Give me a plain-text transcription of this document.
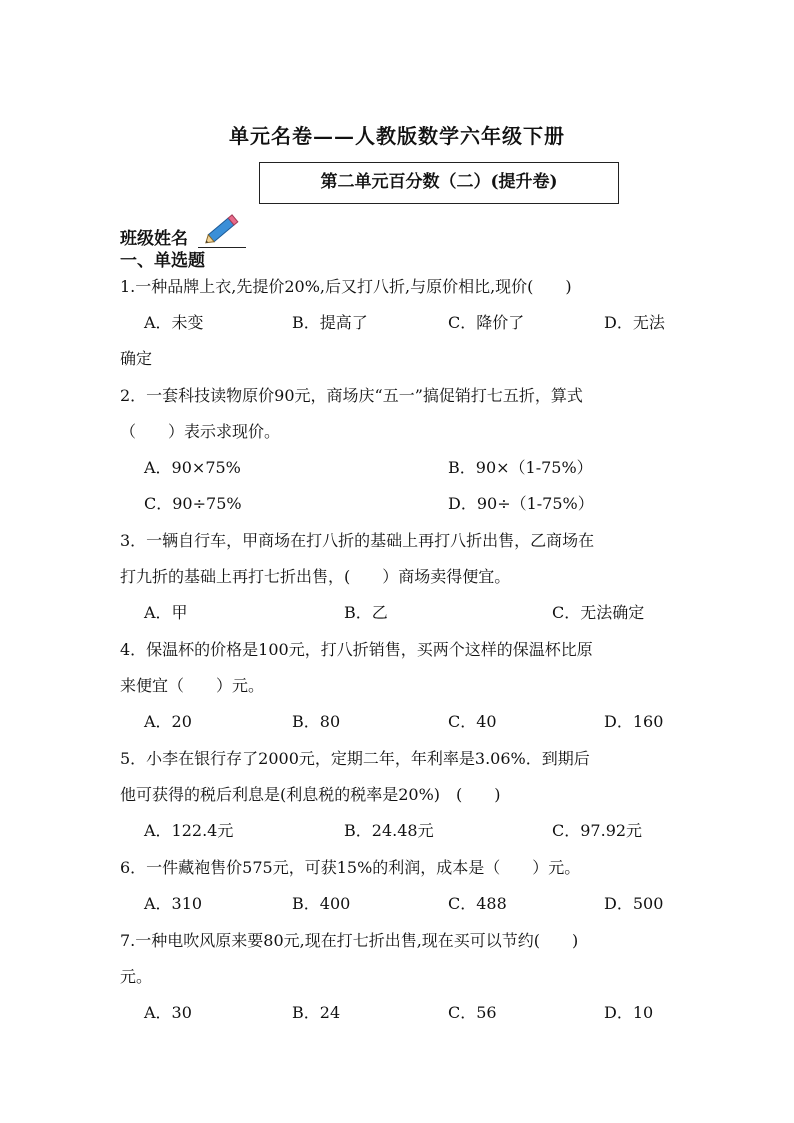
单元名卷——人教版数学六年级下册
第二单元百分数（二）(提升卷)
班级姓名
一、单选题
1.一种品牌上衣,先提价20%,后又打八折,与原价相比,现价(　　)
A．未变	B．提高了	C．降价了	D．无法
确定
2．一套科技读物原价90元，商场庆“五一”搞促销打七五折，算式
（　　）表示求现价。
A．90×75%	B．90×（1-75%）
C．90÷75%	D．90÷（1-75%）
3．一辆自行车，甲商场在打八折的基础上再打八折出售，乙商场在
打九折的基础上再打七折出售，(　　）商场卖得便宜。
A．甲	B．乙	C．无法确定
4．保温杯的价格是100元，打八折销售，买两个这样的保温杯比原
来便宜（　　）元。
A．20	B．80	C．40	D．160
5．小李在银行存了2000元，定期二年，年利率是3.06%．到期后
他可获得的税后利息是(利息税的税率是20%)　(　　)
A．122.4元	B．24.48元	C．97.92元
6．一件藏袍售价575元，可获15%的利润，成本是（　　）元。
A．310	B．400	C．488	D．500
7.一种电吹风原来要80元,现在打七折出售,现在买可以节约(　　)
元。
A．30	B．24	C．56	D．10
